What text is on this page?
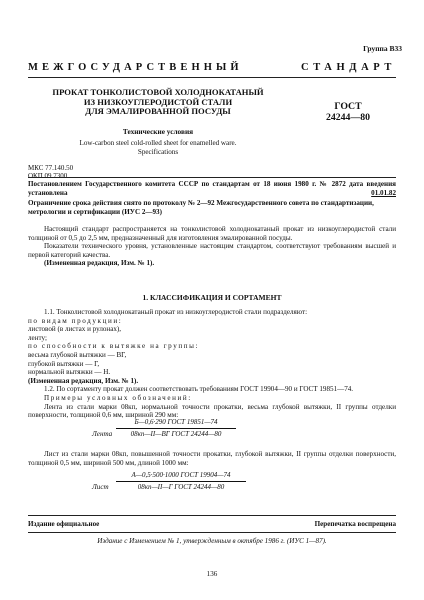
Группа В33
МЕЖГОСУДАРСТВЕННЫЙ	СТАНДАРТ
ПРОКАТ ТОНКОЛИСТОВОЙ ХОЛОДНОКАТАНЫЙ
ИЗ НИЗКОУГЛЕРОДИСТОЙ СТАЛИ
ДЛЯ ЭМАЛИРОВАННОЙ ПОСУДЫ	ГОСТ
24244—80
Технические условия
Low-carbon steel cold-rolled sheet for enamelled ware.
Specifications
МКС 77.140.50
ОКП 09 7300
Постановлением Государственного комитета СССР по стандартам от 18 июня 1980 г. № 2872 дата введения установлена	01.01.82
Ограничение срока действия снято по протоколу № 2—92 Межгосударственного совета по стандартизации, метрологии и сертификации (ИУС 2—93)

Настоящий стандарт распространяется на тонколистовой холоднокатаный прокат из низкоуглеродистой стали толщиной от 0,5 до 2,5 мм, предназначенный для изготовления эмалированной посуды.

Показатели технического уровня, установленные настоящим стандартом, соответствуют требованиям высшей и первой категорий качества.

(Измененная редакция, Изм. № 1).

1. КЛАССИФИКАЦИЯ И СОРТАМЕНТ

1.1. Тонколистовой холоднокатаный прокат из низкоуглеродистой стали подразделяют:

по видам продукции:
листовой (в листах и рулонах),
ленту;
по способности к вытяжке на группы:
весьма глубокой вытяжки — ВГ,
глубокой вытяжки — Г,
нормальной вытяжки — Н.
(Измененная редакция, Изм. № 1).

1.2. По сортаменту прокат должен соответствовать требованиям ГОСТ 19904—90 и ГОСТ 19851—74.

Примеры условных обозначений:

Лента из стали марки 08кп, нормальной точности прокатки, весьма глубокой вытяжки, II группы отделки поверхности, толщиной 0,6 мм, шириной 290 мм:

Лента
Б—0,6·290 ГОСТ 19851—74
08кп—II—ВГ ГОСТ 24244—80

Лист из стали марки 08кп, повышенной точности прокатки, глубокой вытяжки, II группы отделки поверхности, толщиной 0,5 мм, шириной 500 мм, длиной 1000 мм:

Лист
А—0,5·500·1000 ГОСТ 19904—74
08кп—II—Г ГОСТ 24244—80
Издание официальное	Перепечатка воспрещена
Издание с Изменением № 1, утвержденным в октябре 1986 г. (ИУС 1—87).
136
